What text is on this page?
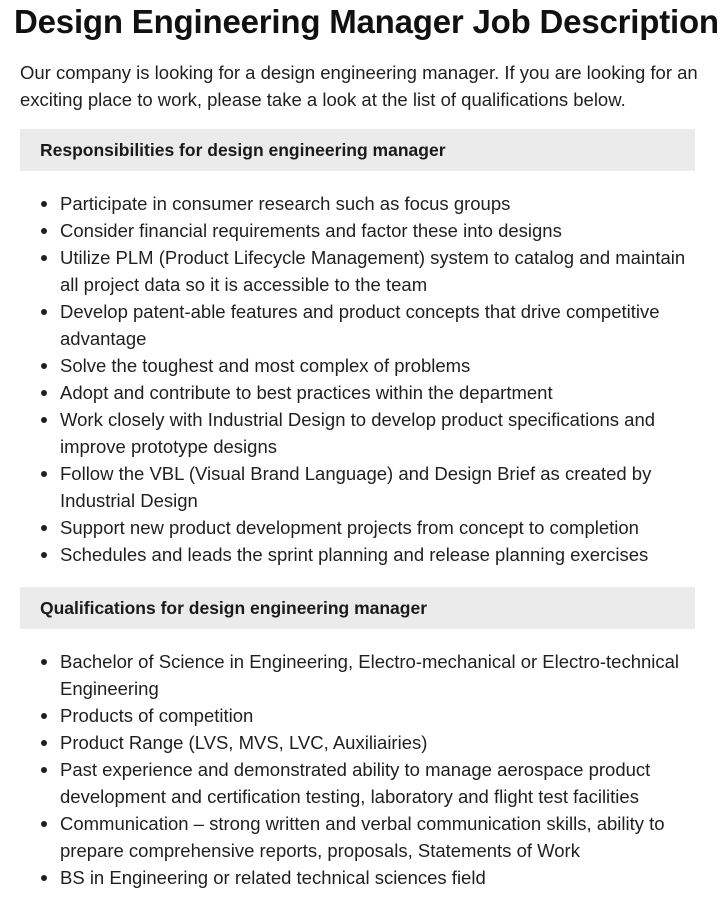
Design Engineering Manager Job Description

Our company is looking for a design engineering manager. If you are looking for an exciting place to work, please take a look at the list of qualifications below.

Responsibilities for design engineering manager
Participate in consumer research such as focus groups
Consider financial requirements and factor these into designs
Utilize PLM (Product Lifecycle Management) system to catalog and maintain all project data so it is accessible to the team
Develop patent-able features and product concepts that drive competitive advantage
Solve the toughest and most complex of problems
Adopt and contribute to best practices within the department
Work closely with Industrial Design to develop product specifications and improve prototype designs
Follow the VBL (Visual Brand Language) and Design Brief as created by Industrial Design
Support new product development projects from concept to completion
Schedules and leads the sprint planning and release planning exercises
Qualifications for design engineering manager
Bachelor of Science in Engineering, Electro-mechanical or Electro-technical Engineering
Products of competition
Product Range (LVS, MVS, LVC, Auxiliairies)
Past experience and demonstrated ability to manage aerospace product development and certification testing, laboratory and flight test facilities
Communication – strong written and verbal communication skills, ability to prepare comprehensive reports, proposals, Statements of Work
BS in Engineering or related technical sciences field
